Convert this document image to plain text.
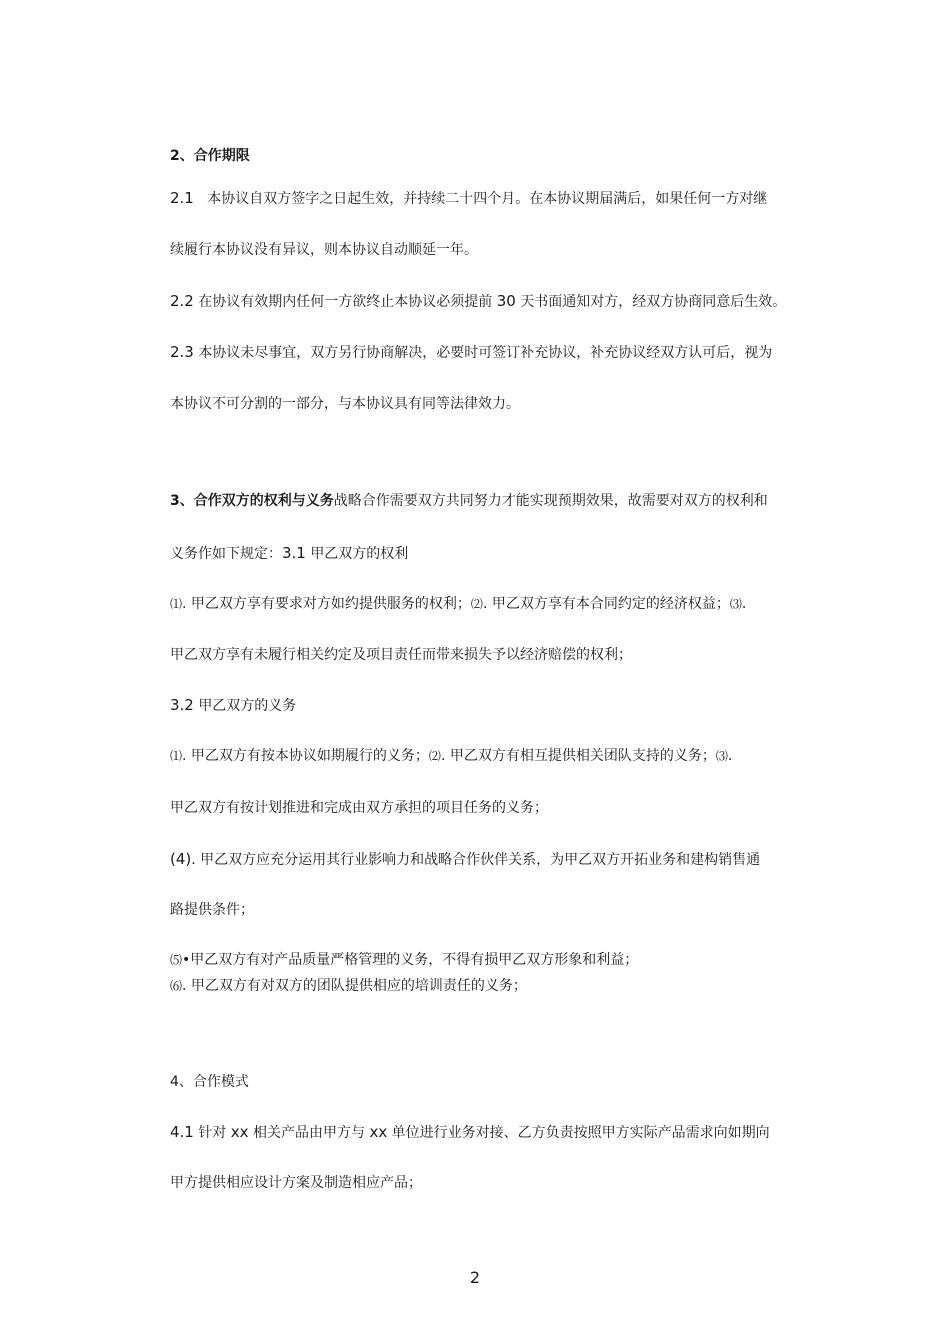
2、合作期限
2.1 本协议自双方签字之日起生效，并持续二十四个月。在本协议期届满后，如果任何一方对继
续履行本协议没有异议，则本协议自动顺延一年。
2.2 在协议有效期内任何一方欲终止本协议必须提前 30 天书面通知对方，经双方协商同意后生效。
2.3 本协议未尽事宜，双方另行协商解决，必要时可签订补充协议，补充协议经双方认可后，视为
本协议不可分割的一部分，与本协议具有同等法律效力。
3、合作双方的权利与义务战略合作需要双方共同努力才能实现预期效果，故需要对双方的权利和
义务作如下规定：3.1 甲乙双方的权利
⑴. 甲乙双方享有要求对方如约提供服务的权利；⑵. 甲乙双方享有本合同约定的经济权益；⑶.
甲乙双方享有未履行相关约定及项目责任而带来损失予以经济赔偿的权利；
3.2 甲乙双方的义务
⑴. 甲乙双方有按本协议如期履行的义务；⑵. 甲乙双方有相互提供相关团队支持的义务；⑶.
甲乙双方有按计划推进和完成由双方承担的项目任务的义务；
(4). 甲乙双方应充分运用其行业影响力和战略合作伙伴关系，为甲乙双方开拓业务和建构销售通
路提供条件；
⑸•甲乙双方有对产品质量严格管理的义务，不得有损甲乙双方形象和利益；
⑹. 甲乙双方有对双方的团队提供相应的培训责任的义务；
4、合作模式
4.1 针对 xx 相关产品由甲方与 xx 单位进行业务对接、乙方负责按照甲方实际产品需求向如期向
甲方提供相应设计方案及制造相应产品；
2
